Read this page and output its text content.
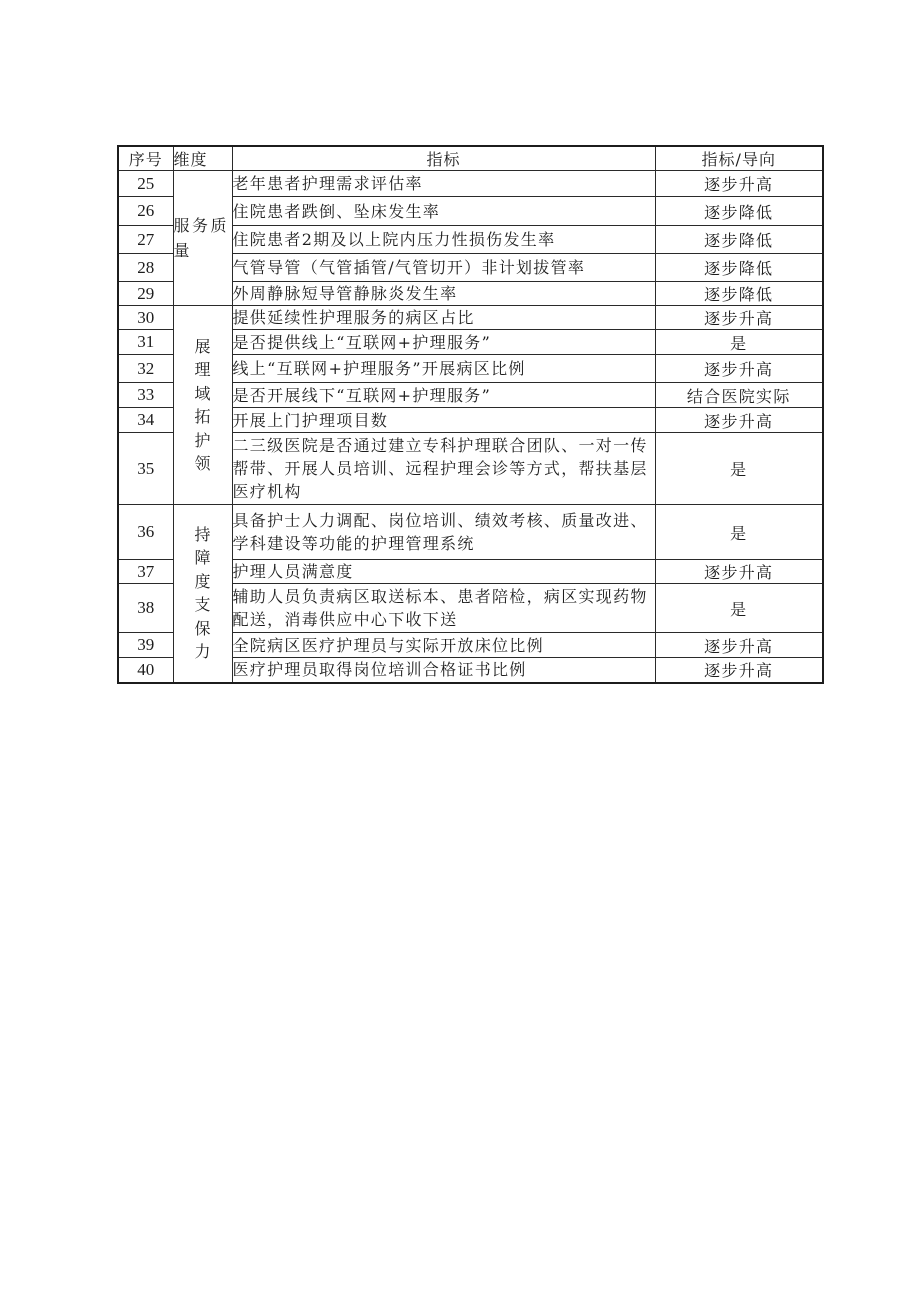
序号	维度	指标	指标/导向
25	服务质量	老年患者护理需求评估率	逐步升高
26		住院患者跌倒、坠床发生率	逐步降低
27		住院患者2期及以上院内压力性损伤发生率	逐步降低
28		气管导管（气管插管/气管切开）非计划拔管率	逐步降低
29		外周静脉短导管静脉炎发生率	逐步降低
30	展理域拓护领	提供延续性护理服务的病区占比	逐步升高
31		是否提供线上“互联网+护理服务”	是
32		线上“互联网+护理服务”开展病区比例	逐步升高
33		是否开展线下“互联网+护理服务”	结合医院实际
34		开展上门护理项目数	逐步升高
35		二三级医院是否通过建立专科护理联合团队、一对一传帮带、开展人员培训、远程护理会诊等方式，帮扶基层医疗机构	是
36	持障度支保力	具备护士人力调配、岗位培训、绩效考核、质量改进、学科建设等功能的护理管理系统	是
37		护理人员满意度	逐步升高
38		辅助人员负责病区取送标本、患者陪检，病区实现药物配送，消毒供应中心下收下送	是
39		全院病区医疗护理员与实际开放床位比例	逐步升高
40		医疗护理员取得岗位培训合格证书比例	逐步升高
